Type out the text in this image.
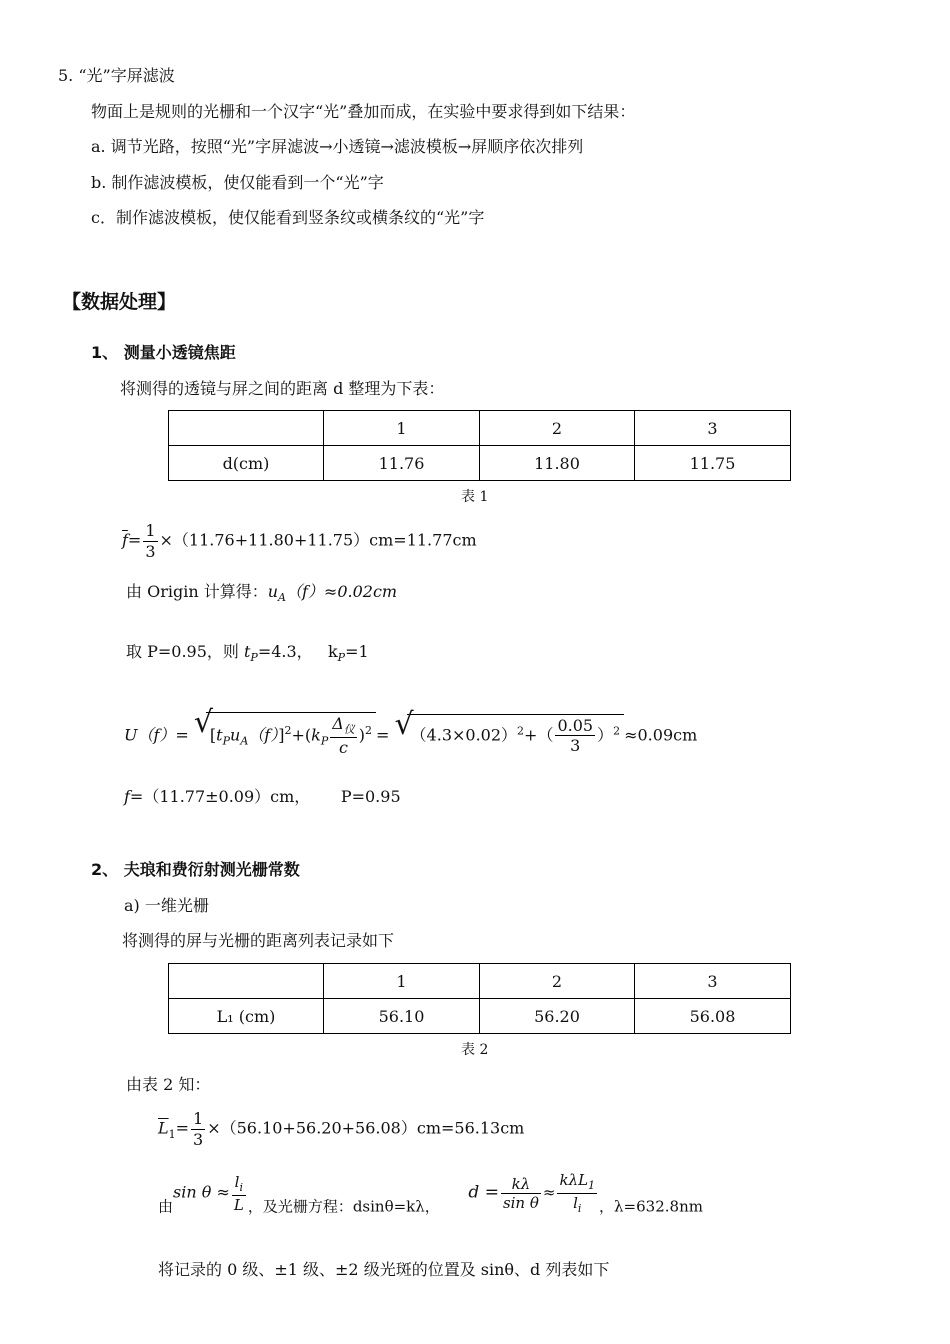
5. “光”字屏滤波
物面上是规则的光栅和一个汉字“光”叠加而成，在实验中要求得到如下结果：
a. 调节光路，按照“光”字屏滤波→小透镜→滤波模板→屏顺序依次排列
b. 制作滤波模板，使仅能看到一个“光”字
c．制作滤波模板，使仅能看到竖条纹或横条纹的“光”字
【数据处理】
1、 测量小透镜焦距
将测得的透镜与屏之间的距离 d 整理为下表：
	1	2	3
d(cm)	11.76	11.80	11.75
表 1
$\overline{f}= \frac{1}{3} \times(11.76+11.80+11.75)cm=11.77cm$
由 Origin 计算得：$u_A(f)\approx 0.02cm$
取 P=0.95，则 $t_P=4.3$， $k_P=1$
U（f）= √ $[t_Pu_A(f)]^2+(k_P \frac{\Delta_仪}{c} )^2$ = √ $(4.3\times 0.02)^2+( \frac{0.05}{3} )^2 \approx 0.09cm$
f=（11.77±0.09）cm， P=0.95
2、 夫琅和费衍射测光栅常数
a) 一维光栅
将测得的屏与光栅的距离列表记录如下
	1	2	3
L₁ (cm)	56.10	56.20	56.08
表 2
由表 2 知：
$\overline{L}_1= \frac{1}{3} \times(56.10+56.20+56.08)cm=56.13cm$
由$\sin \theta \approx \frac{l_i}{L}$ ，及光栅方程：dsinθ=kλ，      $d = \frac{k\lambda}{\text{sin θ}} \approx \frac{k\lambda L_1}{l_i}$ ，λ=632.8nm
将记录的 0 级、±1 级、±2 级光斑的位置及 sinθ、d 列表如下
